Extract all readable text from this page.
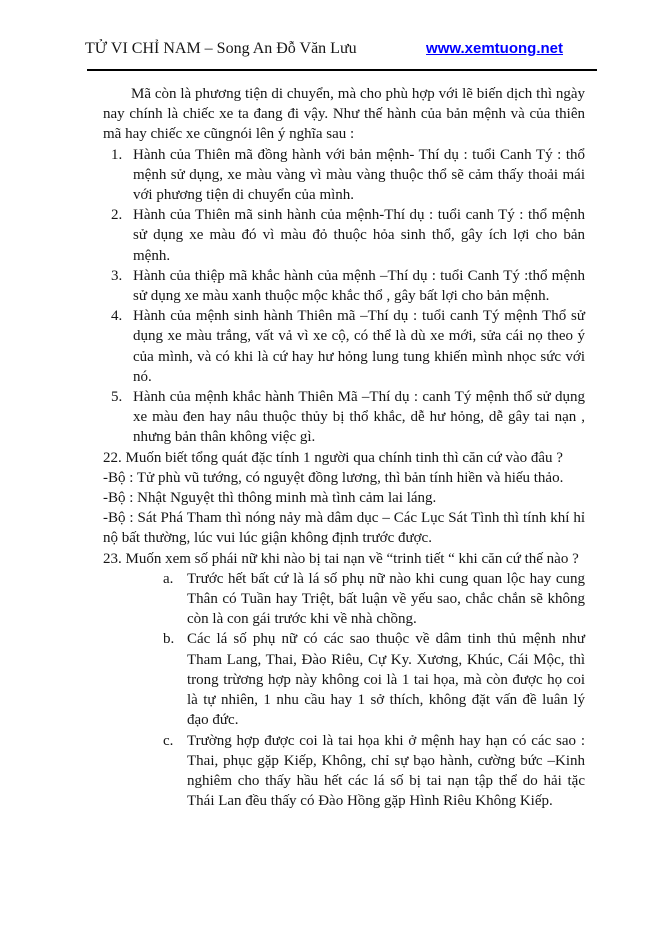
TỬ VI CHỈ NAM – Song An Đỗ Văn Lưu	www.xemtuong.net

Mã còn là phương tiện di chuyển, mà cho phù hợp với lẽ biến dịch thì ngày nay chính là chiếc xe ta đang đi vậy. Như thế hành của bản mệnh và của thiên mã hay chiếc xe cũngnói lên ý nghĩa sau :

1. Hành của Thiên mã đồng hành với bản mệnh- Thí dụ : tuổi Canh Tý : thổ mệnh sử dụng, xe màu vàng vì màu vàng thuộc thổ sẽ cảm thấy thoải mái với phương tiện di chuyển của mình.
2. Hành của Thiên mã sinh hành của mệnh-Thí dụ : tuổi canh Tý : thổ mệnh sử dụng xe màu đó vì màu đỏ thuộc hỏa sinh thổ, gây ích lợi cho bản mệnh.
3. Hành của thiệp mã khắc hành của mệnh –Thí dụ : tuổi Canh Tý :thổ mệnh sử dụng xe màu xanh thuộc mộc khắc thổ , gây bất lợi cho bản mệnh.
4. Hành của mệnh sinh hành Thiên mã –Thí dụ : tuổi canh Tý mệnh Thổ sử dụng xe màu trắng, vất vả vì xe cộ, có thể là dù xe mới, sửa cái nọ theo ý của mình, và có khi là cứ hay hư hỏng lung tung khiến mình nhọc sức với nó.
5. Hành của mệnh khắc hành Thiên Mã –Thí dụ : canh Tý mệnh thổ sử dụng xe màu đen hay nâu thuộc thủy bị thổ khắc, dễ hư hỏng, dễ gây tai nạn , nhưng bản thân không việc gì.

22. Muốn biết tổng quát đặc tính 1 người qua chính tinh thì căn cứ vào đâu ?

-Bộ : Tử phù vũ tướng, có nguyệt đồng lương, thì bản tính hiền và hiếu thảo.

-Bộ : Nhật Nguyệt thì thông minh mà tình cảm lai láng.

-Bộ : Sát Phá Tham thì nóng nảy mà dâm dục – Các Lục Sát Tình thì tính khí hỉ nộ bất thường, lúc vui lúc giận không định trước được.

23. Muốn xem số phái nữ khi nào bị tai nạn về “trinh tiết “ khi căn cứ thế nào ?

a. Trước hết bất cứ là lá số phụ nữ nào khi cung quan lộc hay cung Thân có Tuần hay Triệt, bất luận về yếu sao, chắc chắn sẽ không còn là con gái trước khi về nhà chồng.
b. Các lá số phụ nữ có các sao thuộc về dâm tinh thủ mệnh như Tham Lang, Thai, Đào Riêu, Cự Ky. Xương, Khúc, Cái Mộc, thì trong trừơng hợp này không coi là 1 tai họa, mà còn được họ coi là tự nhiên, 1 nhu cầu hay 1 sở thích, không đặt vấn đề luân lý đạo đức.
c. Trường hợp được coi là tai họa khi ở mệnh hay hạn có các sao : Thai, phục gặp Kiếp, Không, chỉ sự bạo hành, cường bức –Kinh nghiêm cho thấy hầu hết các lá số bị tai nạn tập thể do hải tặc Thái Lan đều thấy có Đào Hồng gặp Hình Riêu Không Kiếp.
